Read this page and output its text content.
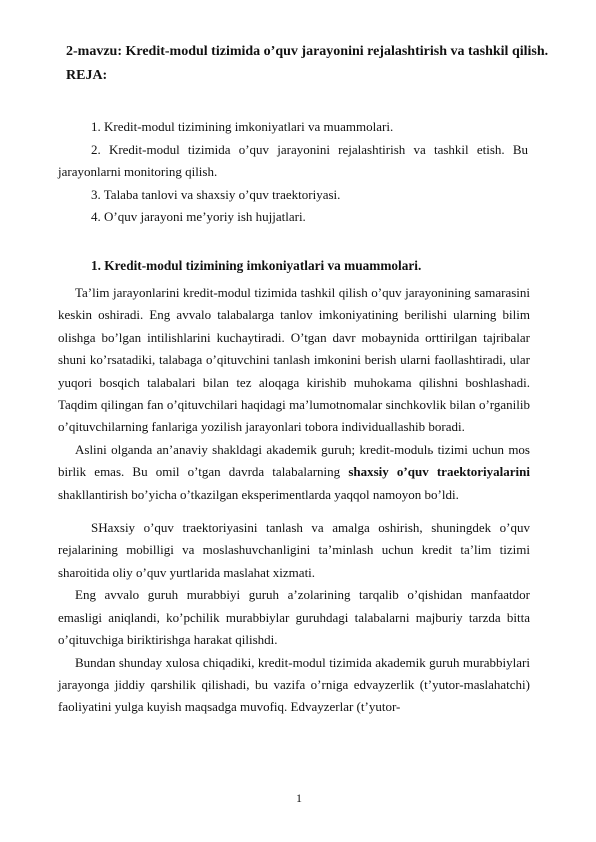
2-mavzu: Kredit-modul tizimida o’quv jarayonini rejalashtirish va tashkil qilish.
REJA:

1. Kredit-modul tizimining imkoniyatlari va muammolari.

2. Kredit-modul tizimida o’quv jarayonini rejalashtirish va tashkil etish. Bu jarayonlarni monitoring qilish.

3. Talaba tanlovi va shaxsiy o’quv traektoriyasi.

4. O’quv jarayoni me’yoriy ish hujjatlari.

1. Kredit-modul tizimining imkoniyatlari va muammolari.

Ta’lim jarayonlarini kredit-modul tizimida tashkil qilish o’quv jarayonining samarasini keskin oshiradi. Eng avvalo talabalarga tanlov imkoniyatining berilishi ularning bilim olishga bo’lgan intilishlarini kuchaytiradi. O’tgan davr mobaynida orttirilgan tajribalar shuni ko’rsatadiki, talabaga o’qituvchini tanlash imkonini berish ularni faollashtiradi, ular yuqori bosqich talabalari bilan tez aloqaga kirishib muhokama qilishni boshlashadi. Taqdim qilingan fan o’qituvchilari haqidagi ma’lumotnomalar sinchkovlik bilan o’rganilib o’qituvchilarning fanlariga yozilish jarayonlari tobora individuallashib boradi.

Aslini olganda an’anaviy shakldagi akademik guruh; kredit-modulь tizimi uchun mos birlik emas. Bu omil o’tgan davrda talabalarning shaxsiy o’quv traektoriyalarini shakllantirish bo’yicha o’tkazilgan eksperimentlarda yaqqol namoyon bo’ldi.

SHaxsiy o’quv traektoriyasini tanlash va amalga oshirish, shuningdek o’quv rejalarining mobilligi va moslashuvchanligini ta’minlash uchun kredit ta’lim tizimi sharoitida oliy o’quv yurtlarida maslahat xizmati.

Eng avvalo guruh murabbiyi guruh a’zolarining tarqalib o’qishidan manfaatdor emasligi aniqlandi, ko’pchilik murabbiylar guruhdagi talabalarni majburiy tarzda bitta o’qituvchiga biriktirishga harakat qilishdi.

Bundan shunday xulosa chiqadiki, kredit-modul tizimida akademik guruh murabbiylari jarayonga jiddiy qarshilik qilishadi, bu vazifa o’rniga edvayzerlik (t’yutor-maslahatchi) faoliyatini yulga kuyish maqsadga muvofiq. Edvayzerlar (t’yutor-

1
